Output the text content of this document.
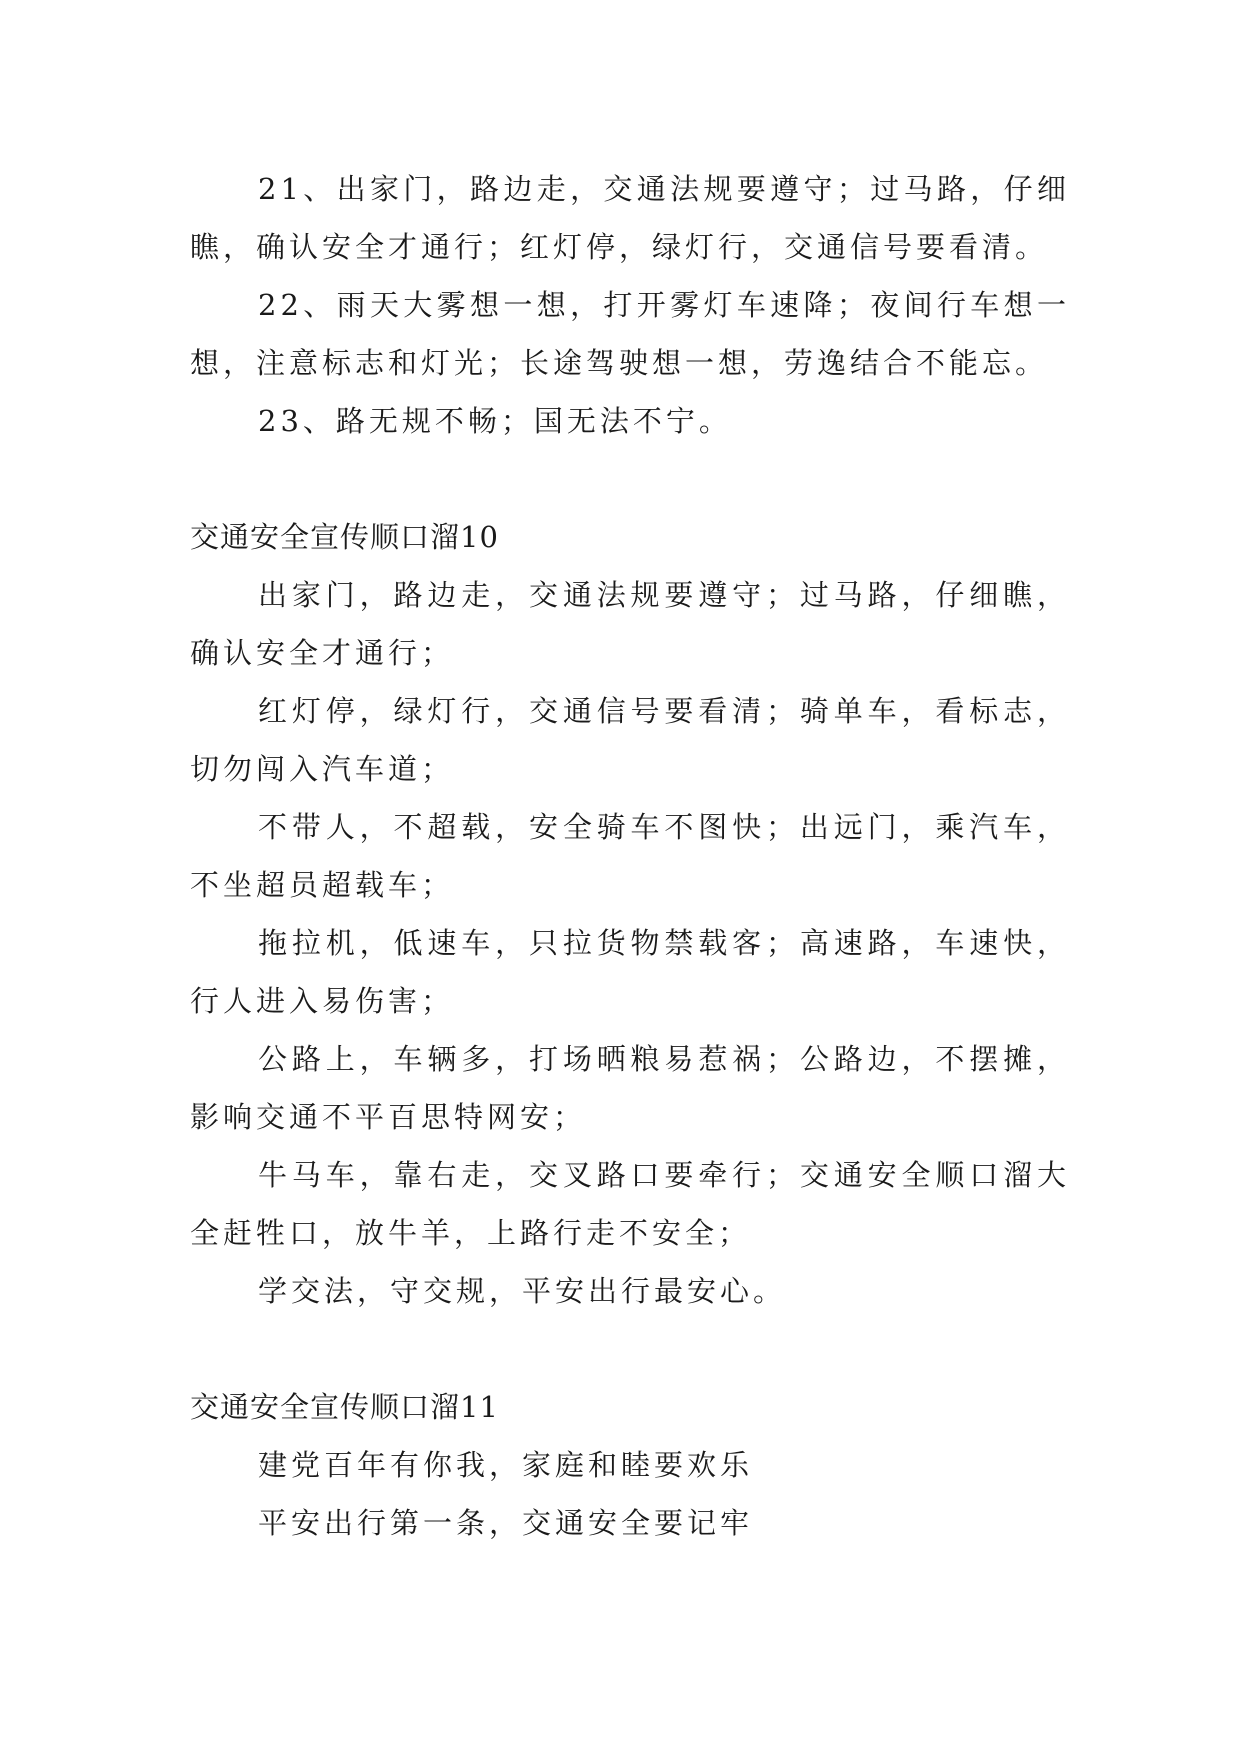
21、出家门，路边走，交通法规要遵守；过马路，仔细瞧，确认安全才通行；红灯停，绿灯行，交通信号要看清。

22、雨天大雾想一想，打开雾灯车速降；夜间行车想一想，注意标志和灯光；长途驾驶想一想，劳逸结合不能忘。

23、路无规不畅；国无法不宁。

交通安全宣传顺口溜10

出家门，路边走，交通法规要遵守；过马路，仔细瞧，确认安全才通行；

红灯停，绿灯行，交通信号要看清；骑单车，看标志，切勿闯入汽车道；

不带人，不超载，安全骑车不图快；出远门，乘汽车，不坐超员超载车；

拖拉机，低速车，只拉货物禁载客；高速路，车速快，行人进入易伤害；

公路上，车辆多，打场晒粮易惹祸；公路边，不摆摊，影响交通不平百思特网安；

牛马车，靠右走，交叉路口要牵行；交通安全顺口溜大全赶牲口，放牛羊，上路行走不安全；

学交法，守交规，平安出行最安心。

交通安全宣传顺口溜11

建党百年有你我，家庭和睦要欢乐

平安出行第一条，交通安全要记牢
